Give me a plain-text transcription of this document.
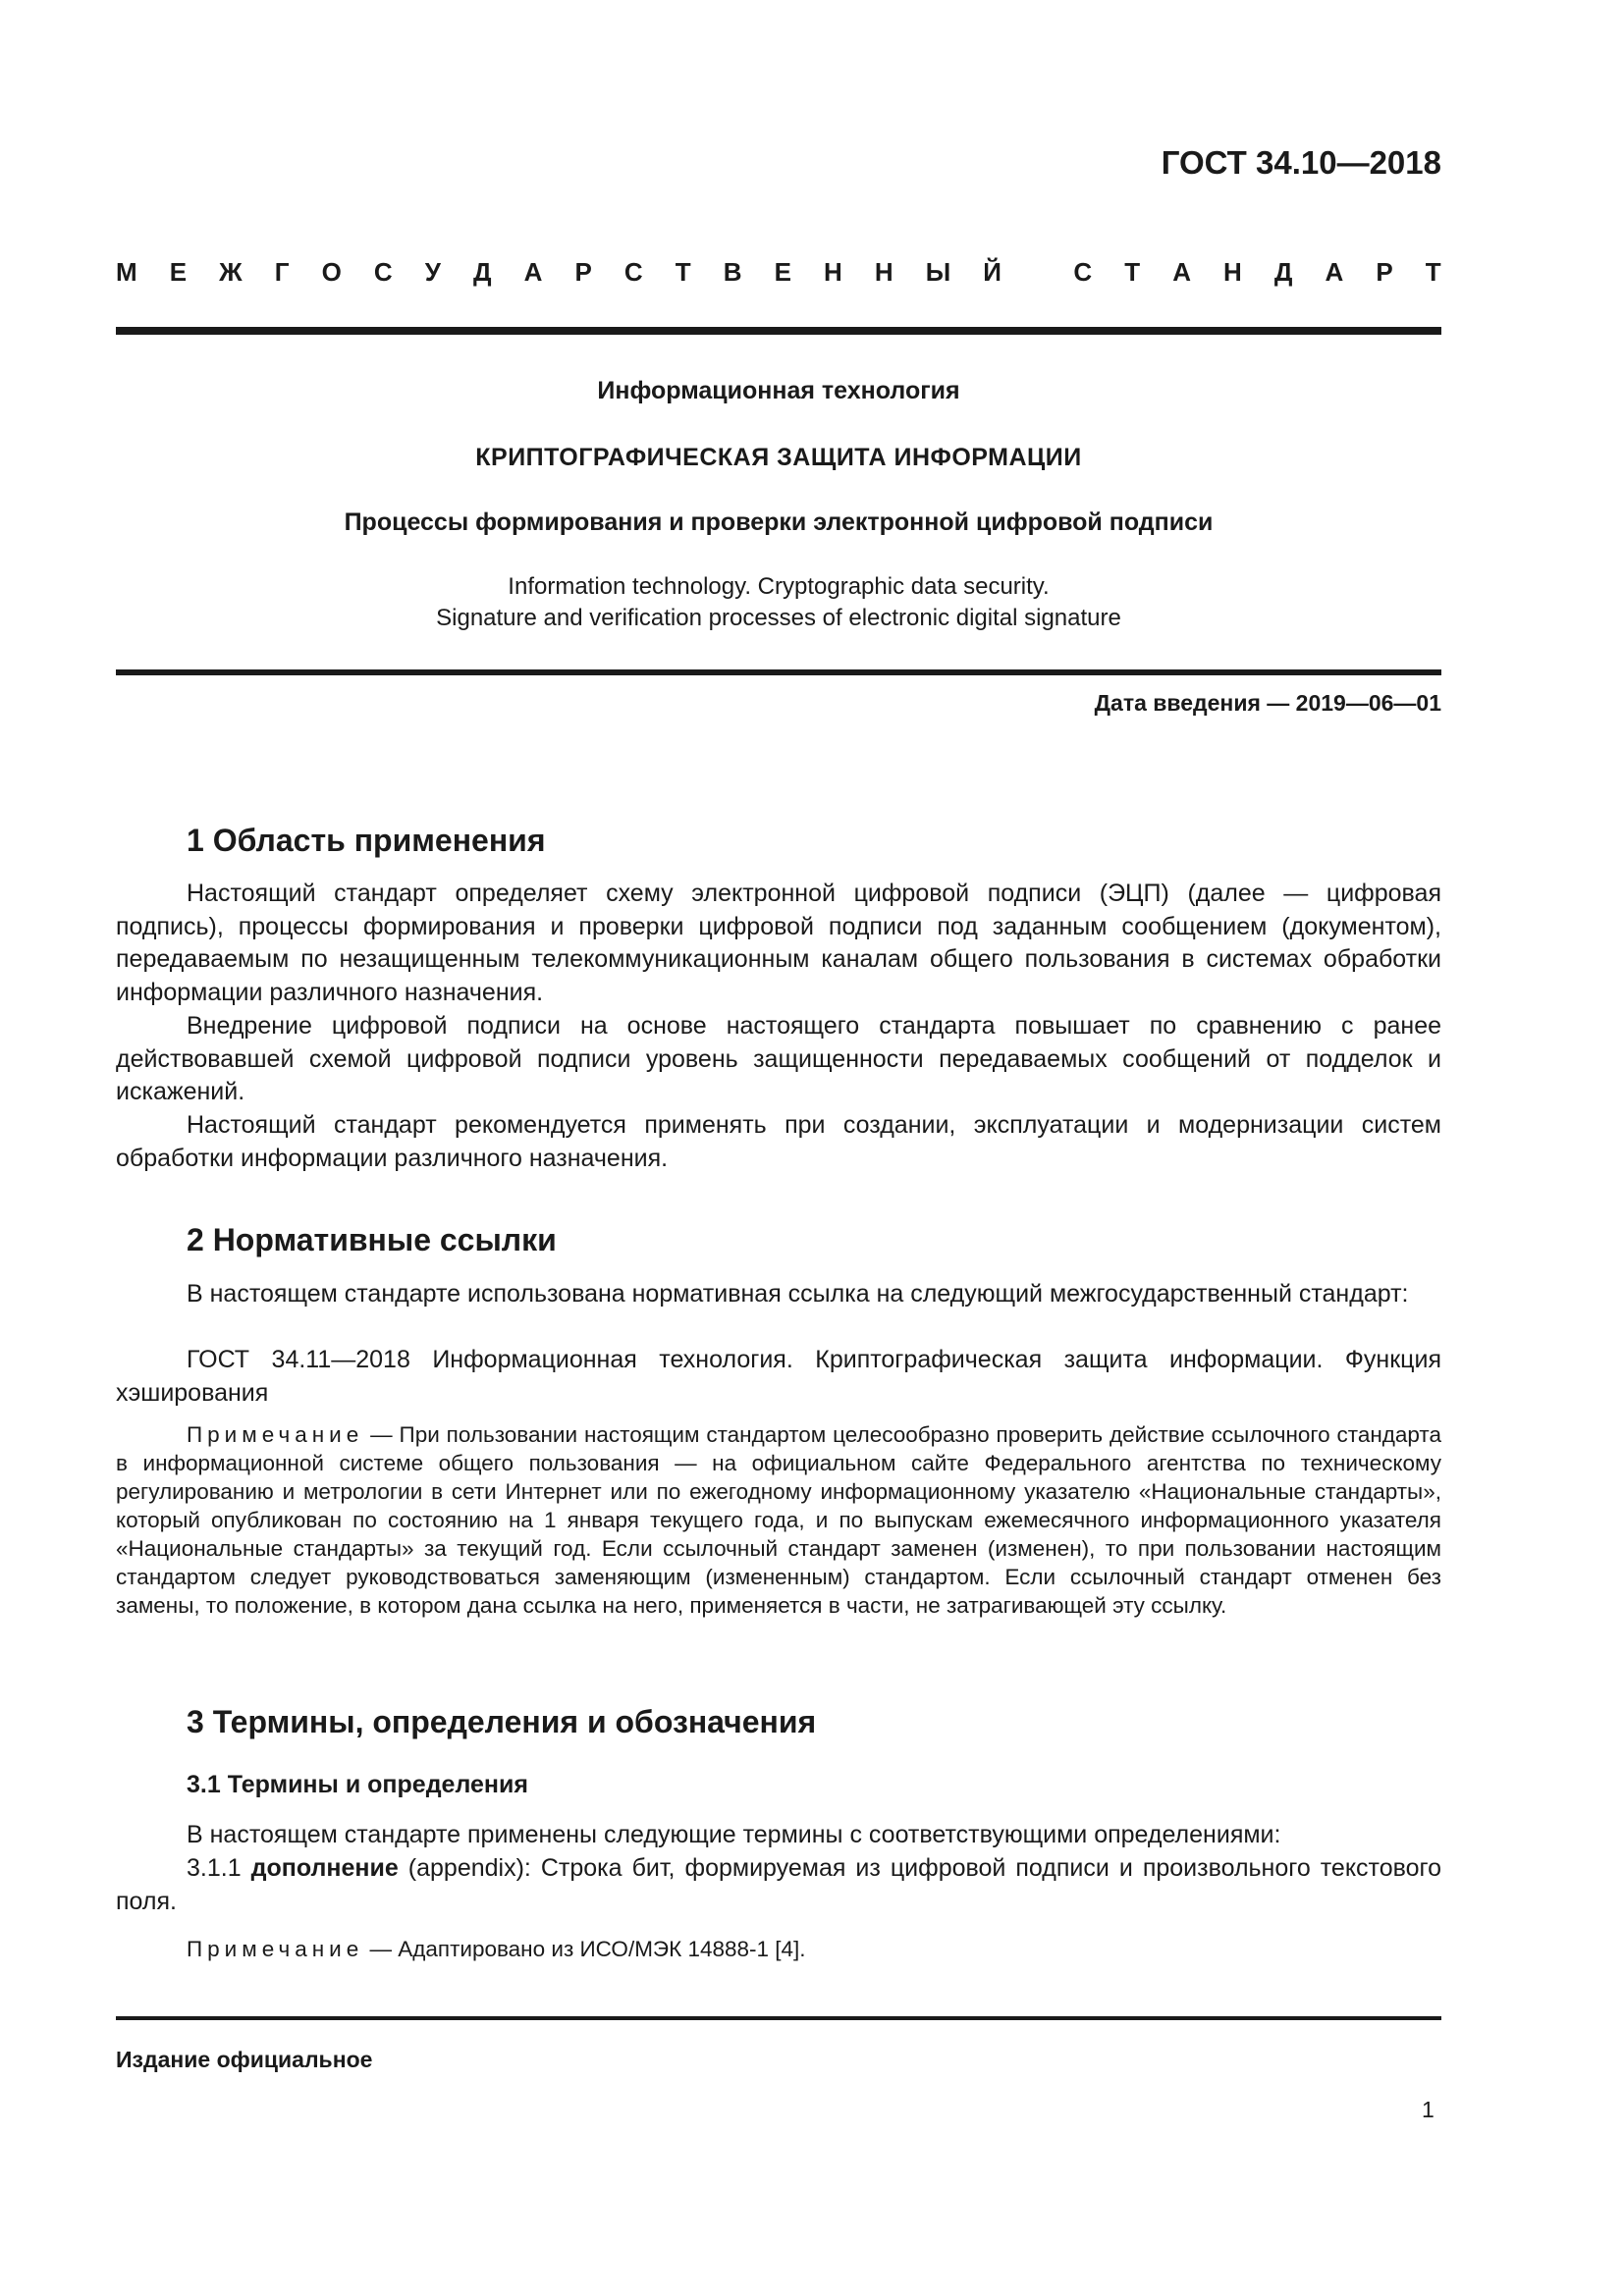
ГОСТ 34.10—2018
М Е Ж Г О С У Д А Р С Т В Е Н Н Ы Й
	С Т А Н Д А Р Т
Информационная технология
КРИПТОГРАФИЧЕСКАЯ ЗАЩИТА ИНФОРМАЦИИ
Процессы формирования и проверки электронной цифровой подписи
Information technology. Cryptographic data security.
Signature and verification processes of electronic digital signature
Дата введения — 2019—06—01
1 Область применения

Настоящий стандарт определяет схему электронной цифровой подписи (ЭЦП) (далее — цифровая подпись), процессы формирования и проверки цифровой подписи под заданным сообщением (документом), передаваемым по незащищенным телекоммуникационным каналам общего пользования в системах обработки информации различного назначения.

Внедрение цифровой подписи на основе настоящего стандарта повышает по сравнению с ранее действовавшей схемой цифровой подписи уровень защищенности передаваемых сообщений от подделок и искажений.

Настоящий стандарт рекомендуется применять при создании, эксплуатации и модернизации систем обработки информации различного назначения.

2 Нормативные ссылки

В настоящем стандарте использована нормативная ссылка на следующий межгосударственный стандарт:

ГОСТ 34.11—2018 Информационная технология. Криптографическая защита информации. Функция хэширования

Примечание — При пользовании настоящим стандартом целесообразно проверить действие ссылочного стандарта в информационной системе общего пользования — на официальном сайте Федерального агентства по техническому регулированию и метрологии в сети Интернет или по ежегодному информационному указателю «Национальные стандарты», который опубликован по состоянию на 1 января текущего года, и по выпускам ежемесячного информационного указателя «Национальные стандарты» за текущий год. Если ссылочный стандарт заменен (изменен), то при пользовании настоящим стандартом следует руководствоваться заменяющим (измененным) стандартом. Если ссылочный стандарт отменен без замены, то положение, в котором дана ссылка на него, применяется в части, не затрагивающей эту ссылку.

3 Термины, определения и обозначения
3.1 Термины и определения

В настоящем стандарте применены следующие термины с соответствующими определениями:

3.1.1 дополнение (appendix): Строка бит, формируемая из цифровой подписи и произвольного текстового поля.

Примечание — Адаптировано из ИСО/МЭК 14888-1 [4].

Издание официальное
1
